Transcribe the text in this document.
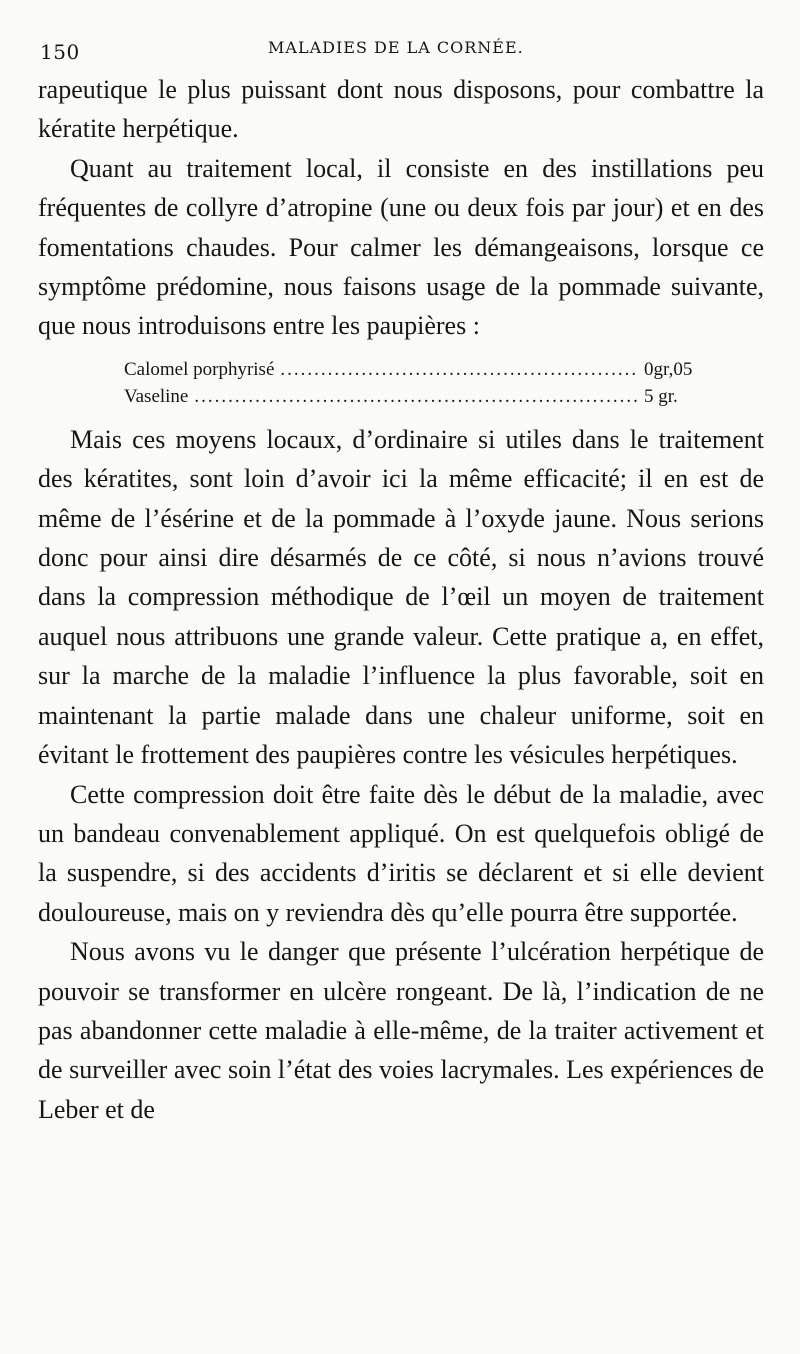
150	MALADIES DE LA CORNÉE.

rapeutique le plus puissant dont nous disposons, pour combattre la kératite herpétique.

Quant au traitement local, il consiste en des instillations peu fréquentes de collyre d’atropine (une ou deux fois par jour) et en des fomentations chaudes. Pour calmer les démangeaisons, lorsque ce symptôme prédomine, nous faisons usage de la pommade suivante, que nous introduisons entre les paupières :

Calomel porphyrisé .....	0gr,05
Vaseline .....	5 gr.

Mais ces moyens locaux, d’ordinaire si utiles dans le traitement des kératites, sont loin d’avoir ici la même efficacité; il en est de même de l’ésérine et de la pommade à l’oxyde jaune. Nous serions donc pour ainsi dire désarmés de ce côté, si nous n’avions trouvé dans la compression méthodique de l’œil un moyen de traitement auquel nous attribuons une grande valeur. Cette pratique a, en effet, sur la marche de la maladie l’influence la plus favorable, soit en maintenant la partie malade dans une chaleur uniforme, soit en évitant le frottement des paupières contre les vésicules herpétiques.

Cette compression doit être faite dès le début de la maladie, avec un bandeau convenablement appliqué. On est quelquefois obligé de la suspendre, si des accidents d’iritis se déclarent et si elle devient douloureuse, mais on y reviendra dès qu’elle pourra être supportée.

Nous avons vu le danger que présente l’ulcération herpétique de pouvoir se transformer en ulcère rongeant. De là, l’indication de ne pas abandonner cette maladie à elle-même, de la traiter activement et de surveiller avec soin l’état des voies lacrymales. Les expériences de Leber et de
